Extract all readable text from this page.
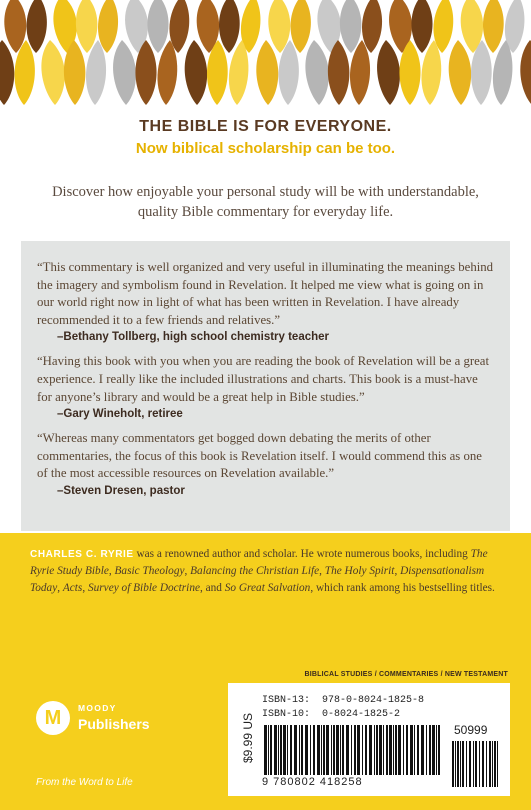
THE BIBLE IS FOR EVERYONE.

Now biblical scholarship can be too.

Discover how enjoyable your personal study will be with understandable, quality Bible commentary for everyday life.

“This commentary is well organized and very useful in illuminating the meanings behind the imagery and symbolism found in Revelation. It helped me view what is going on in our world right now in light of what has been written in Revelation. I have already recommended it to a few friends and relatives.”

–Bethany Tollberg, high school chemistry teacher

“Having this book with you when you are reading the book of Revelation will be a great experience. I really like the included illustrations and charts. This book is a must-have for anyone’s library and would be a great help in Bible studies.”

–Gary Wineholt, retiree

“Whereas many commentators get bogged down debating the merits of other commentaries, the focus of this book is Revelation itself. I would commend this as one of the most accessible resources on Revelation available.”

–Steven Dresen, pastor

CHARLES C. RYRIE was a renowned author and scholar. He wrote numerous books, including The Ryrie Study Bible, Basic Theology, Balancing the Christian Life, The Holy Spirit, Dispensationalism Today, Acts, Survey of Bible Doctrine, and So Great Salvation, which rank among his bestselling titles.

BIBLICAL STUDIES / COMMENTARIES / NEW TESTAMENT

M	MOODY

Publishers

From the Word to Life

$9.99 US

ISBN-13:  978-0-8024-1825-8

ISBN-10:  0-8024-1825-2

50999

9 780802 418258
